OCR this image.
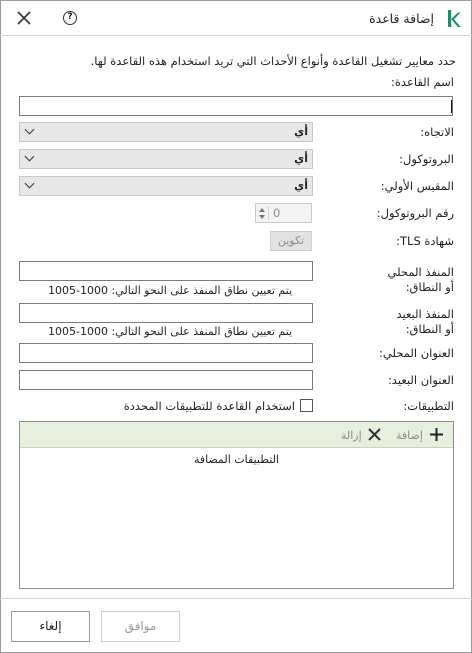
?	إضافة قاعدة
حدد معايير تشغيل القاعدة وأنواع الأحداث التي تريد استخدام هذه القاعدة لها.
اسم القاعدة:
الاتجاه:
أي
البروتوكول:
أي
المقبس الأولي:
أي
رقم البروتوكول:
0
شهادة TLS:
تكوين
المنفذ المحلي
أو النطاق:
يتم تعيين نطاق المنفذ على النحو التالي: 1000-1005
المنفذ البعيد
أو النطاق:
يتم تعيين نطاق المنفذ على النحو التالي: 1000-1005
العنوان المحلي:
العنوان البعيد:
التطبيقات:
استخدام القاعدة للتطبيقات المحددة
إضافة
إزالة
التطبيقات المضافة
إلغاء	موافق
